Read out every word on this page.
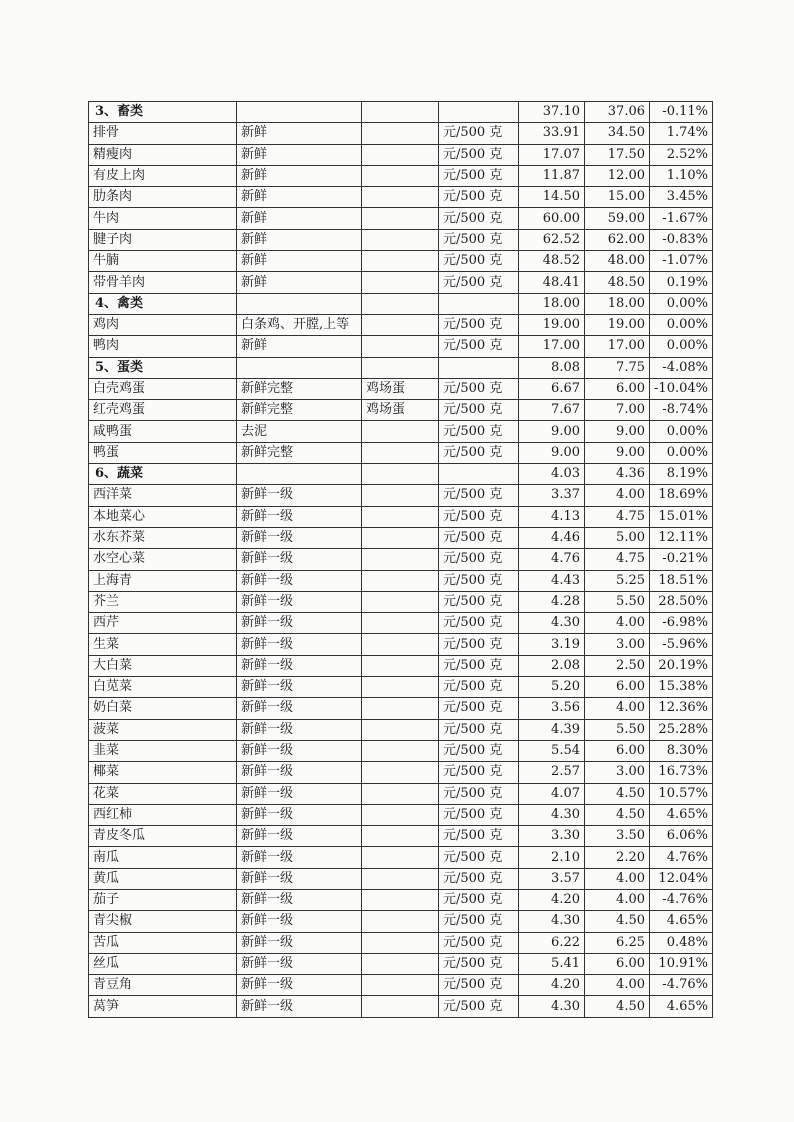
3、畜类				37.10	37.06	-0.11%
排骨	新鲜		元/500 克	33.91	34.50	1.74%
精瘦肉	新鲜		元/500 克	17.07	17.50	2.52%
有皮上肉	新鲜		元/500 克	11.87	12.00	1.10%
肋条肉	新鲜		元/500 克	14.50	15.00	3.45%
牛肉	新鲜		元/500 克	60.00	59.00	-1.67%
腱子肉	新鲜		元/500 克	62.52	62.00	-0.83%
牛腩	新鲜		元/500 克	48.52	48.00	-1.07%
带骨羊肉	新鲜		元/500 克	48.41	48.50	0.19%
4、禽类				18.00	18.00	0.00%
鸡肉	白条鸡、开膛,上等		元/500 克	19.00	19.00	0.00%
鸭肉	新鲜		元/500 克	17.00	17.00	0.00%
5、蛋类				8.08	7.75	-4.08%
白壳鸡蛋	新鲜完整	鸡场蛋	元/500 克	6.67	6.00	-10.04%
红壳鸡蛋	新鲜完整	鸡场蛋	元/500 克	7.67	7.00	-8.74%
咸鸭蛋	去泥		元/500 克	9.00	9.00	0.00%
鸭蛋	新鲜完整		元/500 克	9.00	9.00	0.00%
6、蔬菜				4.03	4.36	8.19%
西洋菜	新鲜一级		元/500 克	3.37	4.00	18.69%
本地菜心	新鲜一级		元/500 克	4.13	4.75	15.01%
水东芥菜	新鲜一级		元/500 克	4.46	5.00	12.11%
水空心菜	新鲜一级		元/500 克	4.76	4.75	-0.21%
上海青	新鲜一级		元/500 克	4.43	5.25	18.51%
芥兰	新鲜一级		元/500 克	4.28	5.50	28.50%
西芹	新鲜一级		元/500 克	4.30	4.00	-6.98%
生菜	新鲜一级		元/500 克	3.19	3.00	-5.96%
大白菜	新鲜一级		元/500 克	2.08	2.50	20.19%
白苋菜	新鲜一级		元/500 克	5.20	6.00	15.38%
奶白菜	新鲜一级		元/500 克	3.56	4.00	12.36%
菠菜	新鲜一级		元/500 克	4.39	5.50	25.28%
韭菜	新鲜一级		元/500 克	5.54	6.00	8.30%
椰菜	新鲜一级		元/500 克	2.57	3.00	16.73%
花菜	新鲜一级		元/500 克	4.07	4.50	10.57%
西红柿	新鲜一级		元/500 克	4.30	4.50	4.65%
青皮冬瓜	新鲜一级		元/500 克	3.30	3.50	6.06%
南瓜	新鲜一级		元/500 克	2.10	2.20	4.76%
黄瓜	新鲜一级		元/500 克	3.57	4.00	12.04%
茄子	新鲜一级		元/500 克	4.20	4.00	-4.76%
青尖椒	新鲜一级		元/500 克	4.30	4.50	4.65%
苦瓜	新鲜一级		元/500 克	6.22	6.25	0.48%
丝瓜	新鲜一级		元/500 克	5.41	6.00	10.91%
青豆角	新鲜一级		元/500 克	4.20	4.00	-4.76%
莴笋	新鲜一级		元/500 克	4.30	4.50	4.65%
